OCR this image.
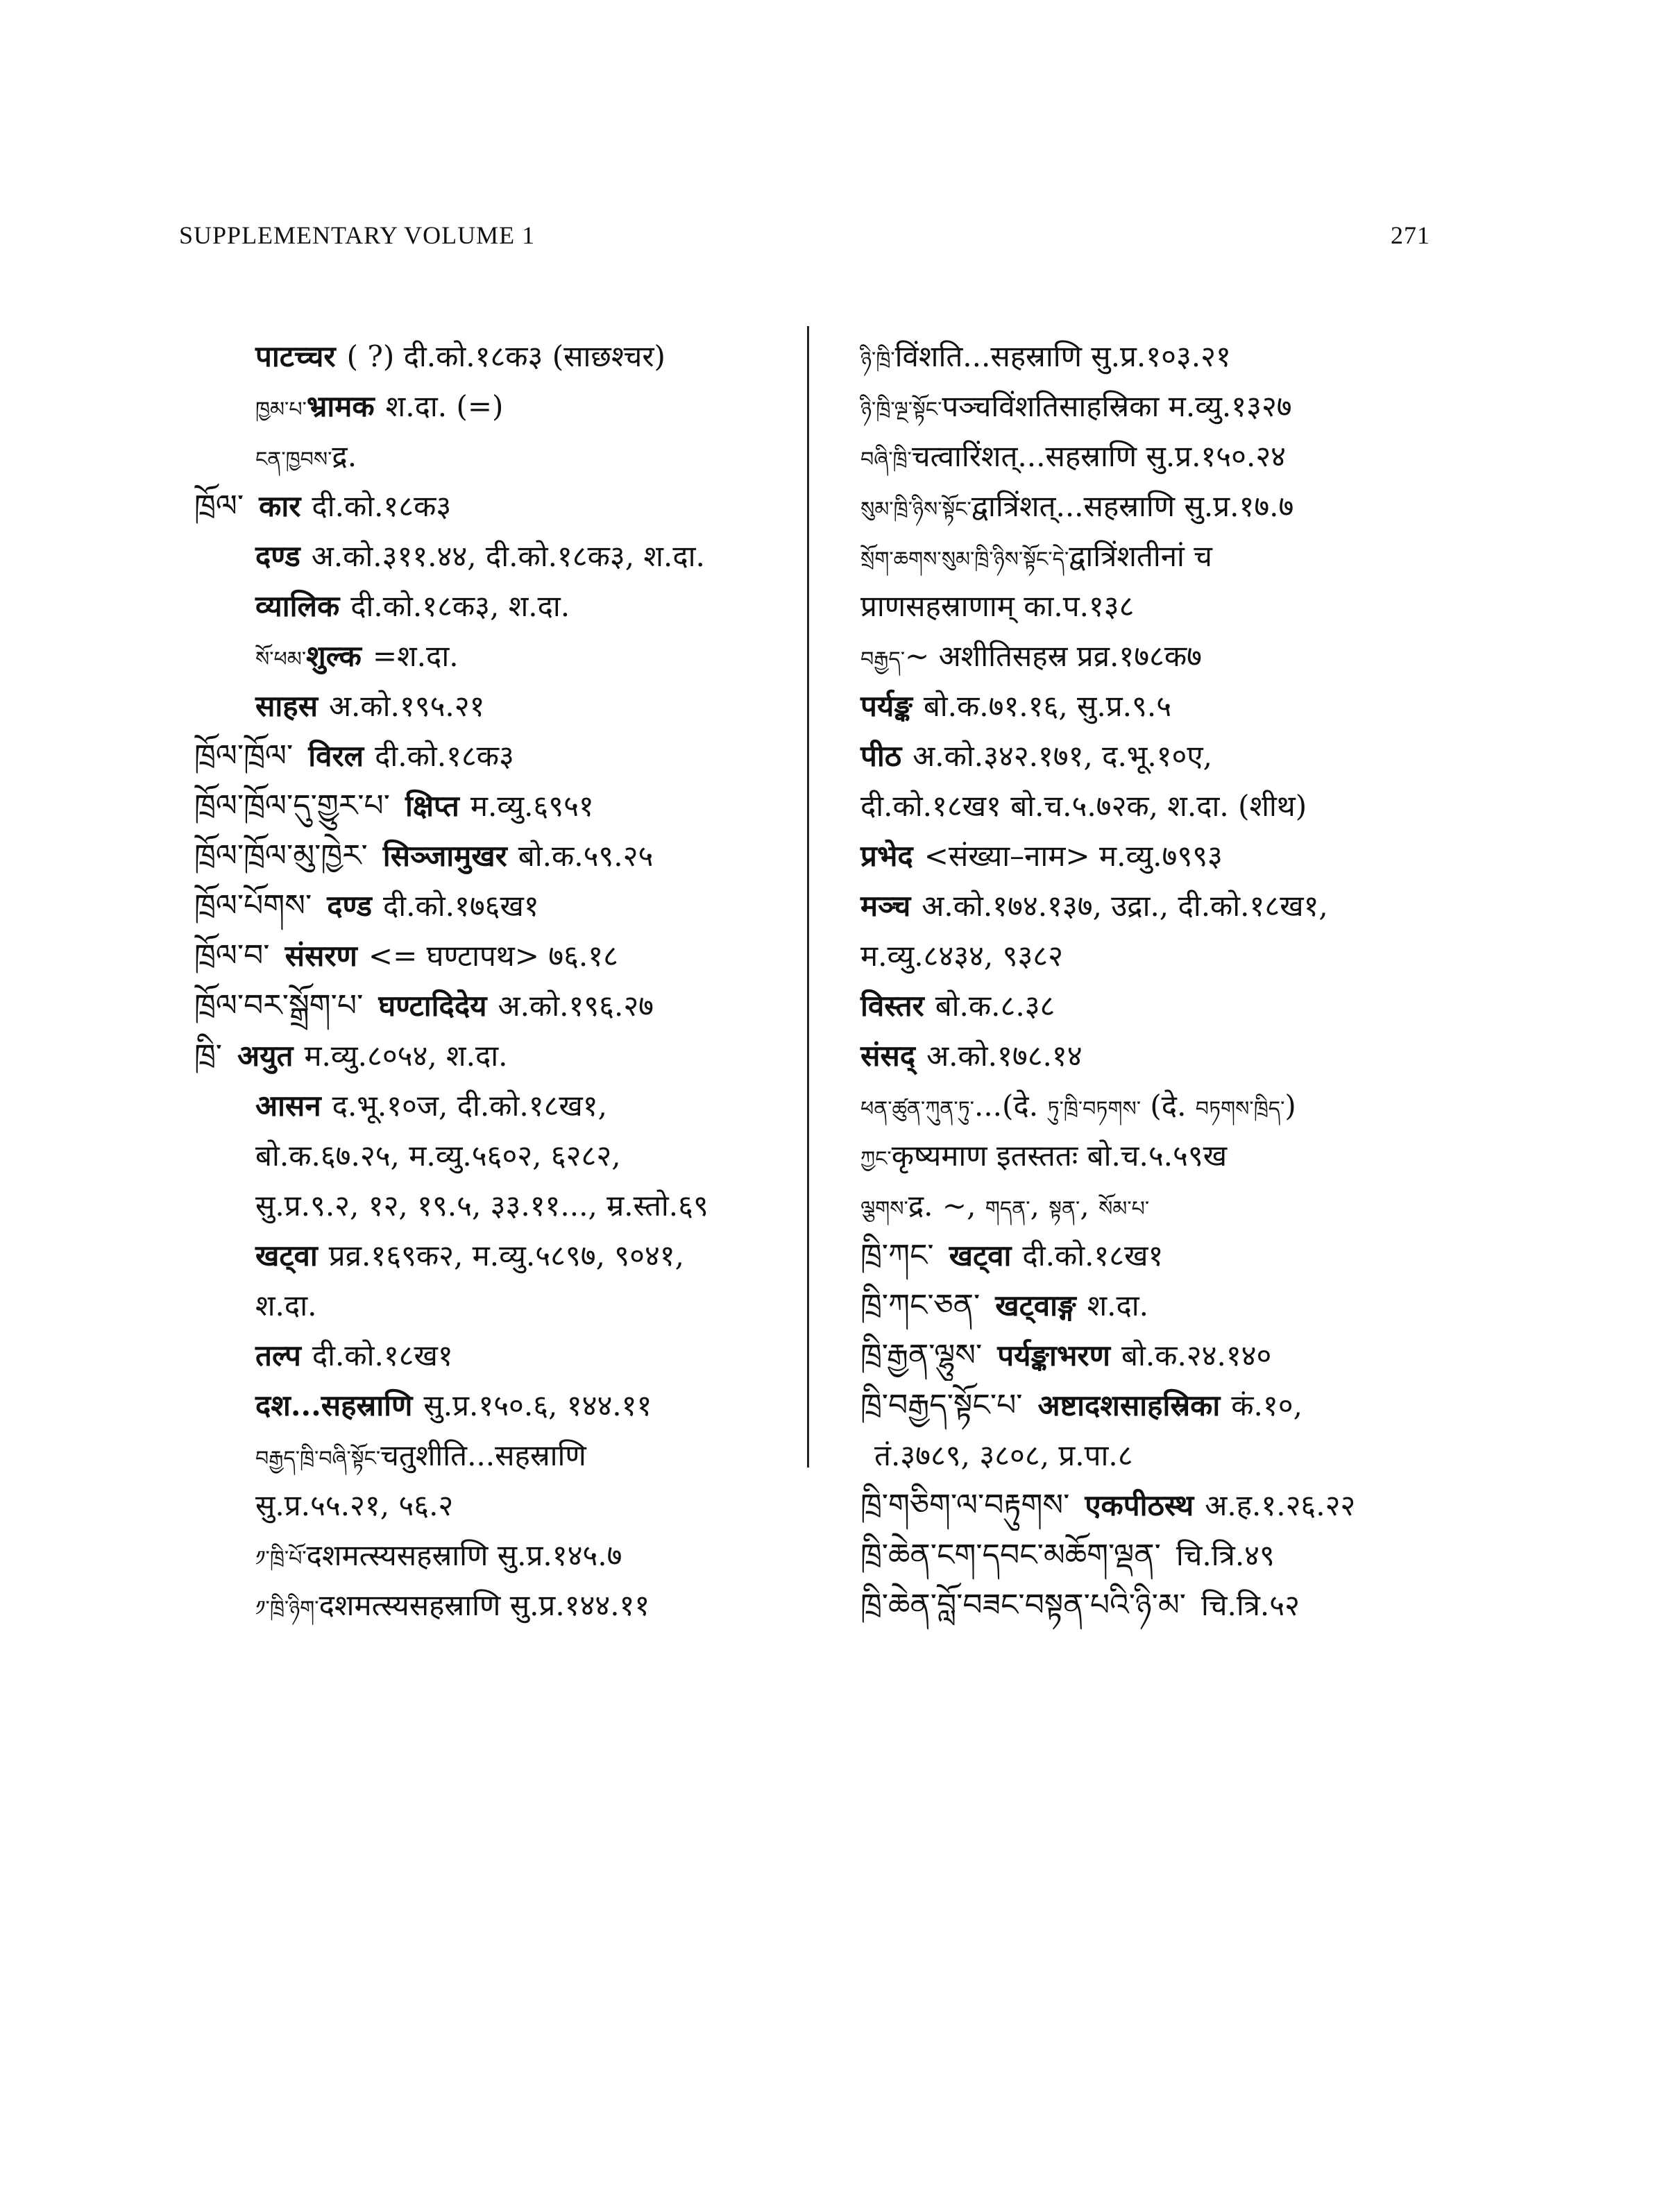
SUPPLEMENTARY VOLUME 1	271
पाटच्चर ( ?) दी.को.१८क३ (साछश्चर)
ཁྱམ་པ་भ्रामक श.दा. (=)
ངན་ཁྱབས་द्र.
ཁྲོལ་ कार दी.को.१८क३
दण्ड अ.को.३११.४४, दी.को.१८क३, श.दा.
व्यालिक दी.को.१८क३, श.दा.
སོ་ཕམ་शुल्क =श.दा.
साहस अ.को.१९५.२१
ཁྲོལ་ཁྲོལ་ विरल दी.को.१८क३
ཁྲོལ་ཁྲོལ་དུ་གྱུར་པ་ क्षिप्त म.व्यु.६९५१
ཁྲོལ་ཁྲོལ་མུ་ཁྱེར་ सिञ्जामुखर बो.क.५९.२५
ཁྲོལ་པོགས་ दण्ड दी.को.१७६ख१
ཁྲོལ་བ་ संसरण <= घण्टापथ> ७६.१८
ཁྲོལ་བར་སྒྲོག་པ་ घण्टादिदेय अ.को.१९६.२७
ཁྲི་ अयुत म.व्यु.८०५४, श.दा.
आसन द.भू.१०ज, दी.को.१८ख१,
बो.क.६७.२५, म.व्यु.५६०२, ६२८२,
सु.प्र.९.२, १२, १९.५, ३३.११..., म्र.स्तो.६९
खट्वा प्रव्र.१६९क२, म.व्यु.५८९७, ९०४१,
श.दा.
तल्प दी.को.१८ख१
दश...सहस्राणि सु.प्र.१५०.६, १४४.११
བརྒྱད་ཁྲི་བཞི་སྟོང་चतुशीति...सहस्राणि
सु.प्र.५५.२१, ५६.२
༡་ཁྲི་པོ་दशमत्स्यसहस्राणि सु.प्र.१४५.७
༡་ཁྲི་ཉིག་दशमत्स्यसहस्राणि सु.प्र.१४४.११
ཉི་ཁྲི་विंशति...सहस्राणि सु.प्र.१०३.२१
ཉི་ཁྲི་ལྔ་སྟོང་पञ्चविंशतिसाहस्रिका म.व्यु.१३२७
བཞི་ཁྲི་चत्वारिंशत्...सहस्राणि सु.प्र.१५०.२४
སུམ་ཁྲི་ཉིས་སྟོང་द्वात्रिंशत्...सहस्राणि सु.प्र.१७.७
སྲོག་ཆགས་སུམ་ཁྲི་ཉིས་སྟོང་དེ་द्वात्रिंशतीनां च
प्राणसहस्राणाम् का.प.१३८
བརྒྱད་~ अशीतिसहस्र प्रव्र.१७८क७
पर्यङ्क बो.क.७१.१६, सु.प्र.९.५
पीठ अ.को.३४२.१७१, द.भू.१०ए,
दी.को.१८ख१ बो.च.५.७२क, श.दा. (शीथ)
प्रभेद <संख्या–नाम> म.व्यु.७९९३
मञ्च अ.को.१७४.१३७, उद्रा., दी.को.१८ख१,
म.व्यु.८४३४, ९३८२
विस्तर बो.क.८.३८
संसद् अ.को.१७८.१४
ཕན་ཚུན་ཀུན་ཏུ་...(दे. ཏུ་ཁྲི་བཏགས་ (दे. བཏགས་ཁྲིད་)
ཀྱང་कृष्यमाण इतस्ततः बो.च.५.५९ख
ལྕགས་द्र. ~, གདན་, སྟན་, སོམ་པ་
ཁྲི་ཀང་ खट्वा दी.को.१८ख१
ཁྲི་ཀང་ཅན་ खट्वाङ्ग श.दा.
ཁྲི་རྒྱན་ལྷུས་ पर्यङ्काभरण बो.क.२४.१४०
ཁྲི་བརྒྱད་སྟོང་པ་ अष्टादशसाहस्रिका कं.१०,
तं.३७८९, ३८०८, प्र.पा.८
ཁྲི་གཅིག་ལ་བརྟུགས་ एकपीठस्थ अ.ह.१.२६.२२
ཁྲི་ཆེན་ངག་དབང་མཆོག་ལྡན་ चि.त्रि.४९
ཁྲི་ཆེན་བློ་བཟང་བསྟན་པའི་ཉི་མ་ चि.त्रि.५२
